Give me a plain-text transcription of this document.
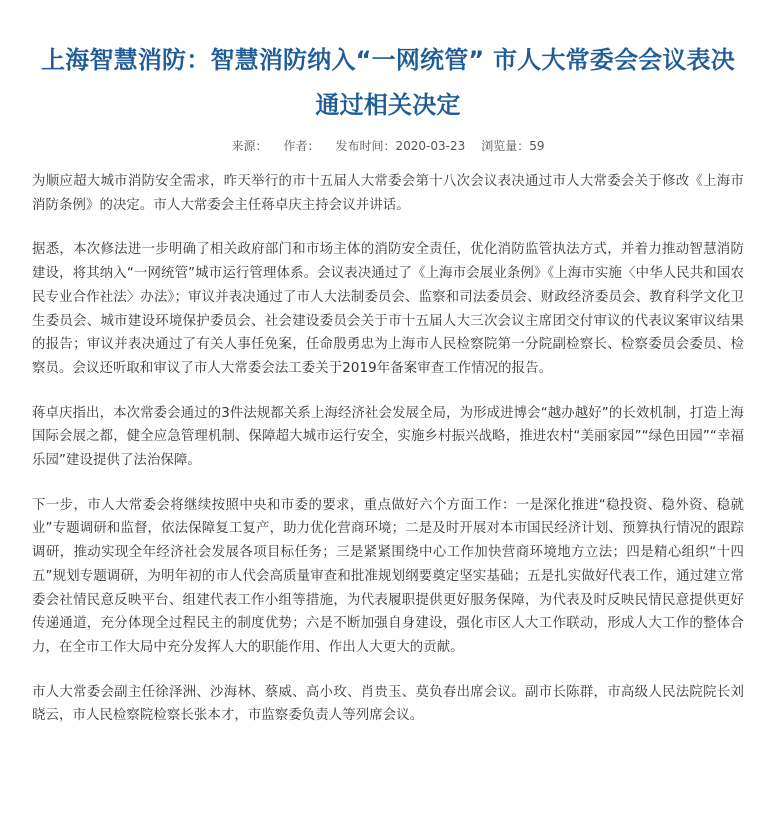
上海智慧消防：智慧消防纳入“一网统管” 市人大常委会会议表决通过相关决定
来源： 作者： 发布时间：2020-03-23 浏览量：59

为顺应超大城市消防安全需求，昨天举行的市十五届人大常委会第十八次会议表决通过市人大常委会关于修改《上海市消防条例》的决定。市人大常委会主任蒋卓庆主持会议并讲话。

据悉，本次修法进一步明确了相关政府部门和市场主体的消防安全责任，优化消防监管执法方式，并着力推动智慧消防建设，将其纳入“一网统管”城市运行管理体系。会议表决通过了《上海市会展业条例》《上海市实施〈中华人民共和国农民专业合作社法〉办法》；审议并表决通过了市人大法制委员会、监察和司法委员会、财政经济委员会、教育科学文化卫生委员会、城市建设环境保护委员会、社会建设委员会关于市十五届人大三次会议主席团交付审议的代表议案审议结果的报告；审议并表决通过了有关人事任免案，任命殷勇忠为上海市人民检察院第一分院副检察长、检察委员会委员、检察员。会议还听取和审议了市人大常委会法工委关于2019年备案审查工作情况的报告。

蒋卓庆指出，本次常委会通过的3件法规都关系上海经济社会发展全局，为形成进博会“越办越好”的长效机制，打造上海国际会展之都，健全应急管理机制、保障超大城市运行安全，实施乡村振兴战略，推进农村“美丽家园”“绿色田园”“幸福乐园”建设提供了法治保障。

下一步，市人大常委会将继续按照中央和市委的要求，重点做好六个方面工作：一是深化推进“稳投资、稳外资、稳就业”专题调研和监督，依法保障复工复产，助力优化营商环境；二是及时开展对本市国民经济计划、预算执行情况的跟踪调研，推动实现全年经济社会发展各项目标任务；三是紧紧围绕中心工作加快营商环境地方立法；四是精心组织“十四五”规划专题调研，为明年初的市人代会高质量审查和批准规划纲要奠定坚实基础；五是扎实做好代表工作，通过建立常委会社情民意反映平台、组建代表工作小组等措施，为代表履职提供更好服务保障，为代表及时反映民情民意提供更好传递通道，充分体现全过程民主的制度优势；六是不断加强自身建设，强化市区人大工作联动，形成人大工作的整体合力，在全市工作大局中充分发挥人大的职能作用、作出人大更大的贡献。

市人大常委会副主任徐泽洲、沙海林、蔡威、高小玫、肖贵玉、莫负春出席会议。副市长陈群，市高级人民法院院长刘晓云，市人民检察院检察长张本才，市监察委负责人等列席会议。
